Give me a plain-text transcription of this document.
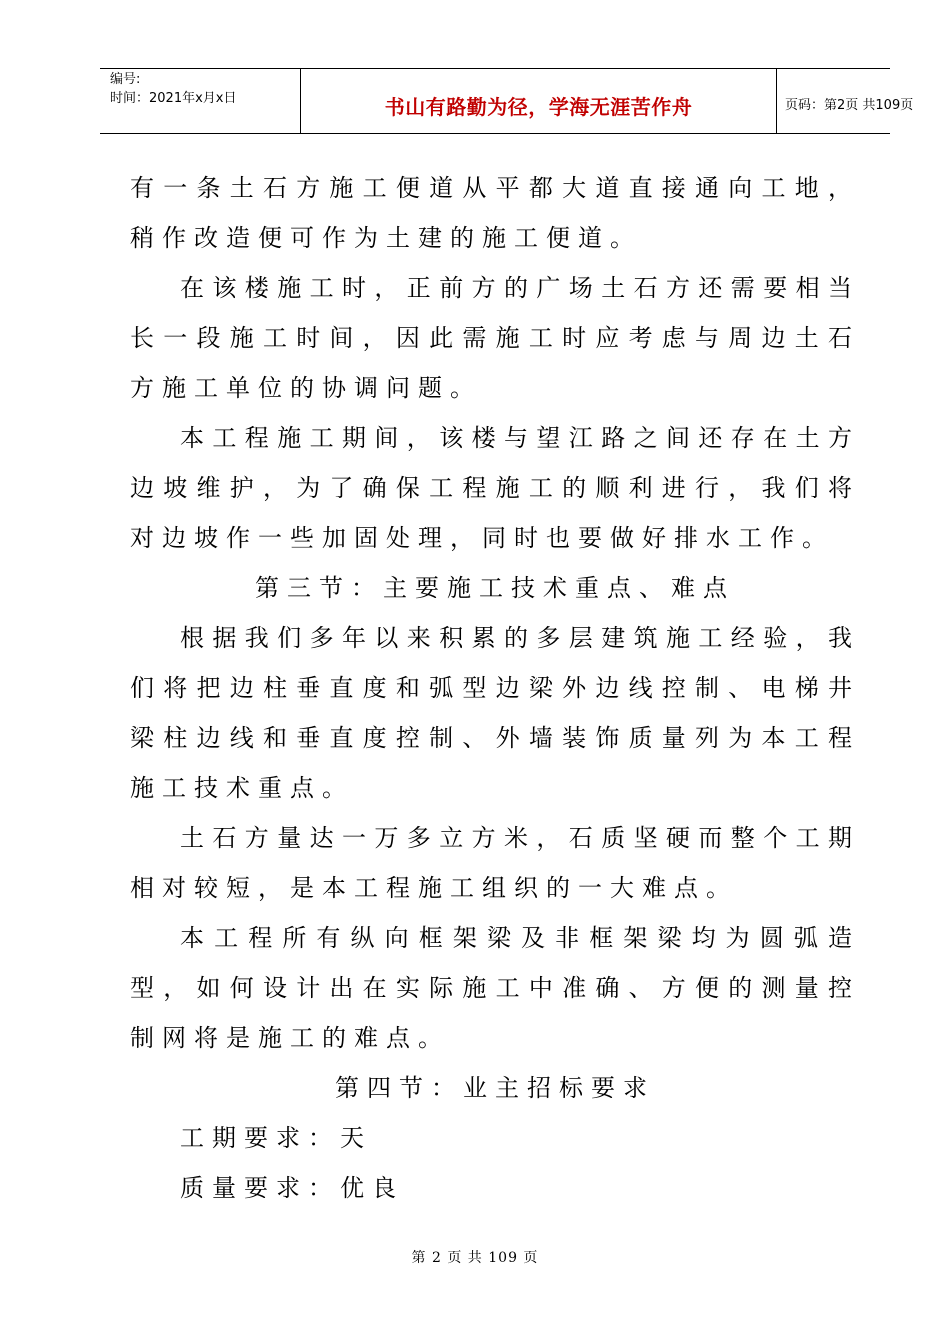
编号:
时间：2021年x月x日	书山有路勤为径，学海无涯苦作舟	页码：第2页 共109页

有一条土石方施工便道从平都大道直接通向工地，稍作改造便可作为土建的施工便道。

在该楼施工时，正前方的广场土石方还需要相当长一段施工时间，因此需施工时应考虑与周边土石方施工单位的协调问题。

本工程施工期间，该楼与望江路之间还存在土方边坡维护，为了确保工程施工的顺利进行，我们将对边坡作一些加固处理，同时也要做好排水工作。

第三节：主要施工技术重点、难点

根据我们多年以来积累的多层建筑施工经验，我们将把边柱垂直度和弧型边梁外边线控制、电梯井梁柱边线和垂直度控制、外墙装饰质量列为本工程施工技术重点。

土石方量达一万多立方米，石质坚硬而整个工期相对较短，是本工程施工组织的一大难点。

本工程所有纵向框架梁及非框架梁均为圆弧造型，如何设计出在实际施工中准确、方便的测量控制网将是施工的难点。

第四节：业主招标要求

工期要求：天

质量要求：优良

第 2 页 共 109 页
